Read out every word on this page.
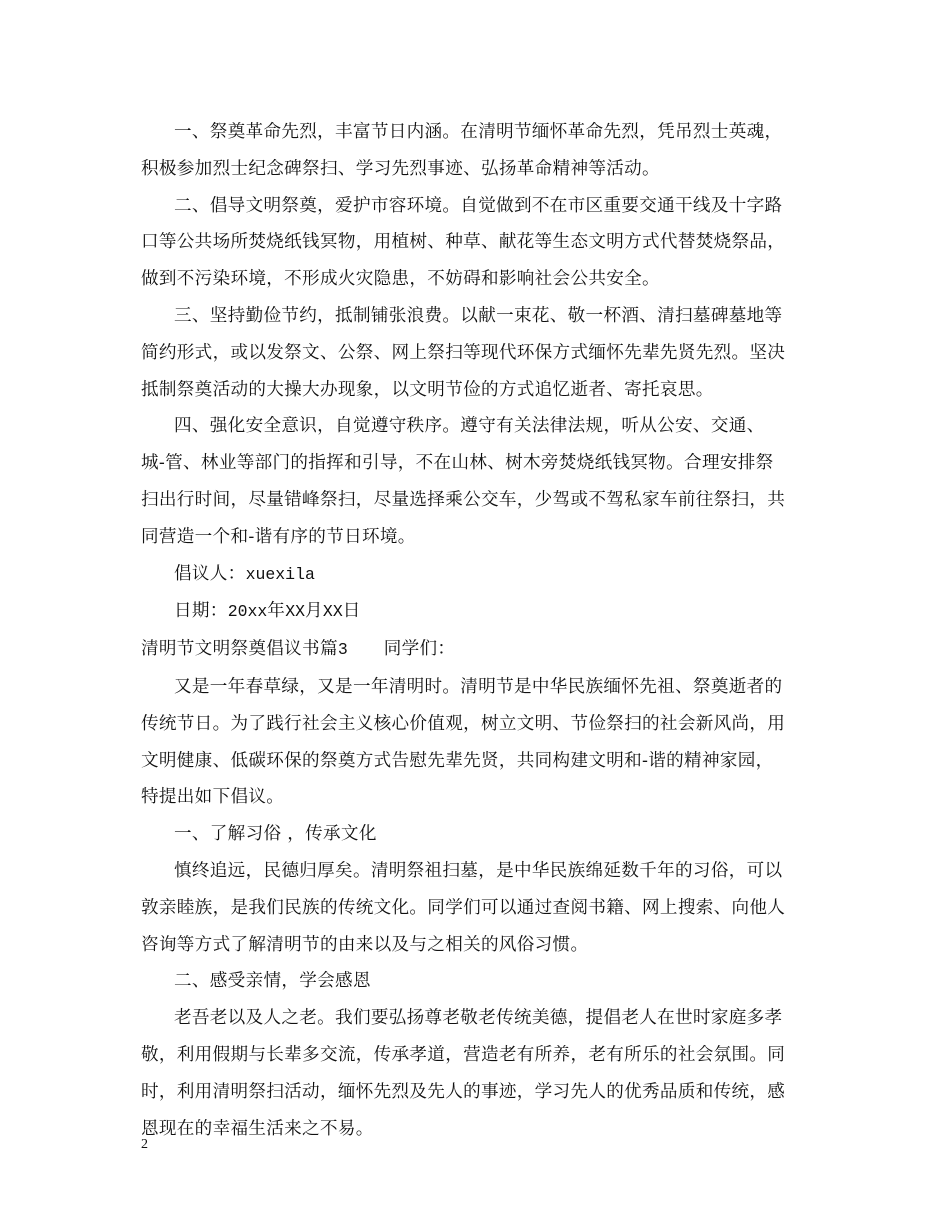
一、祭奠革命先烈，丰富节日内涵。在清明节缅怀革命先烈，凭吊烈士英魂，

积极参加烈士纪念碑祭扫、学习先烈事迹、弘扬革命精神等活动。

二、倡导文明祭奠，爱护市容环境。自觉做到不在市区重要交通干线及十字路

口等公共场所焚烧纸钱冥物，用植树、种草、献花等生态文明方式代替焚烧祭品，

做到不污染环境，不形成火灾隐患，不妨碍和影响社会公共安全。

三、坚持勤俭节约，抵制铺张浪费。以献一束花、敬一杯酒、清扫墓碑墓地等

简约形式，或以发祭文、公祭、网上祭扫等现代环保方式缅怀先辈先贤先烈。坚决

抵制祭奠活动的大操大办现象，以文明节俭的方式追忆逝者、寄托哀思。

四、强化安全意识，自觉遵守秩序。遵守有关法律法规，听从公安、交通、

城-管、林业等部门的指挥和引导，不在山林、树木旁焚烧纸钱冥物。合理安排祭

扫出行时间，尽量错峰祭扫，尽量选择乘公交车，少驾或不驾私家车前往祭扫，共

同营造一个和-谐有序的节日环境。

倡议人：xuexila

日期：20xx年XX月XX日

清明节文明祭奠倡议书篇3 同学们：

又是一年春草绿，又是一年清明时。清明节是中华民族缅怀先祖、祭奠逝者的

传统节日。为了践行社会主义核心价值观，树立文明、节俭祭扫的社会新风尚，用

文明健康、低碳环保的祭奠方式告慰先辈先贤，共同构建文明和-谐的精神家园，

特提出如下倡议。

一、了解习俗 ，传承文化

慎终追远，民德归厚矣。清明祭祖扫墓，是中华民族绵延数千年的习俗，可以

敦亲睦族，是我们民族的传统文化。同学们可以通过查阅书籍、网上搜索、向他人

咨询等方式了解清明节的由来以及与之相关的风俗习惯。

二、感受亲情，学会感恩

老吾老以及人之老。我们要弘扬尊老敬老传统美德，提倡老人在世时家庭多孝

敬，利用假期与长辈多交流，传承孝道，营造老有所养，老有所乐的社会氛围。同

时，利用清明祭扫活动，缅怀先烈及先人的事迹，学习先人的优秀品质和传统，感

恩现在的幸福生活来之不易。

2
